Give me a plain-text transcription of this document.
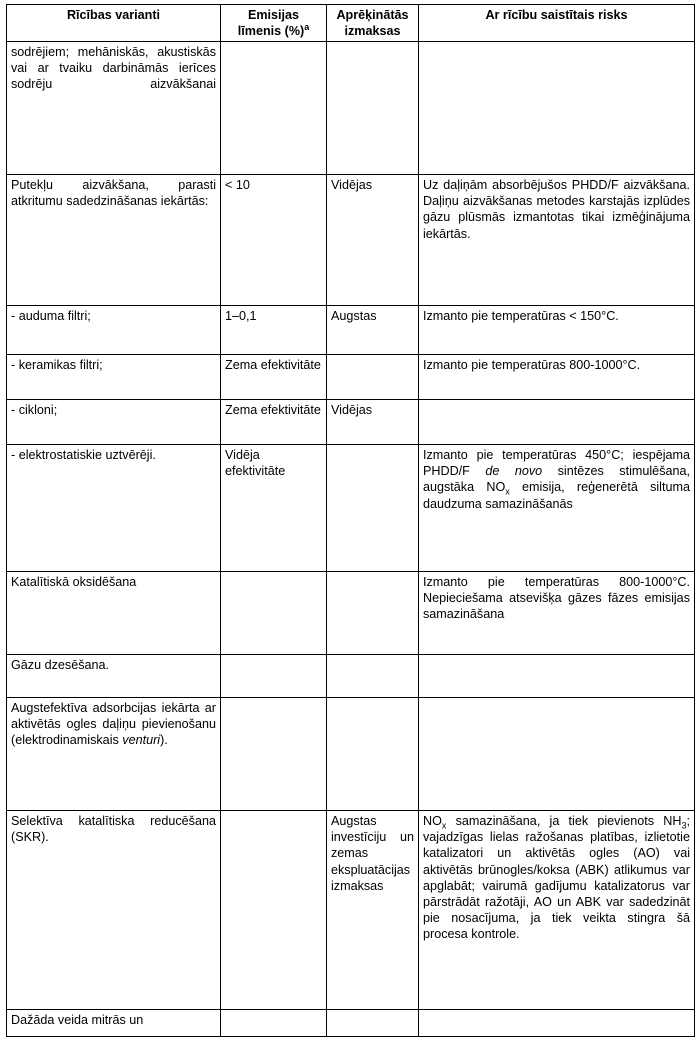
Rīcības varianti	Emisijas līmenis (%)$^a$	Aprēķinātās izmaksas	Ar rīcību saistītais risks
sodrējiem; mehāniskās, akustiskās vai ar tvaiku darbināmās ierīces sodrēju aizvākšanai			
Putekļu aizvākšana, parasti atkritumu sadedzināšanas iekārtās:	< 10	Vidējas	Uz daļiņām absorbējušos PHDD/F aizvākšana. Daļiņu aizvākšanas metodes karstajās izplūdes gāzu plūsmās izmantotas tikai izmēģinājuma iekārtās.
- auduma filtri;	1–0,1	Augstas	Izmanto pie temperatūras < 150°C.
- keramikas filtri;	Zema efektivitāte		Izmanto pie temperatūras 800-1000°C.
- cikloni;	Zema efektivitāte	Vidējas	
- elektrostatiskie uztvērēji.	Vidēja efektivitāte		Izmanto pie temperatūras 450°C; iespējama PHDD/F de novo sintēzes stimulēšana, augstāka $NO_x$ emisija, reģenerētā siltuma daudzuma samazināšanās
Katalītiskā oksidēšana			Izmanto pie temperatūras 800-1000°C. Nepieciešama atsevišķa gāzes fāzes emisijas samazināšana
Gāzu dzesēšana.			
Augstefektīva adsorbcijas iekārta ar aktivētās ogles daļiņu pievienošanu (elektrodinamiskais venturi).			
Selektīva katalītiska reducēšana (SKR).		Augstas investīciju un zemas ekspluatācijas izmaksas	$NO_x$ samazināšana, ja tiek pievienots $NH_3$; vajadzīgas lielas ražošanas platības, izlietotie katalizatori un aktivētās ogles (AO) vai aktivētās brūnogles/koksa (ABK) atlikumus var apglabāt; vairumā gadījumu katalizatorus var pārstrādāt ražotāji, AO un ABK var sadedzināt pie nosacījuma, ja tiek veikta stingra šā procesa kontrole.
Dažāda veida mitrās un			
